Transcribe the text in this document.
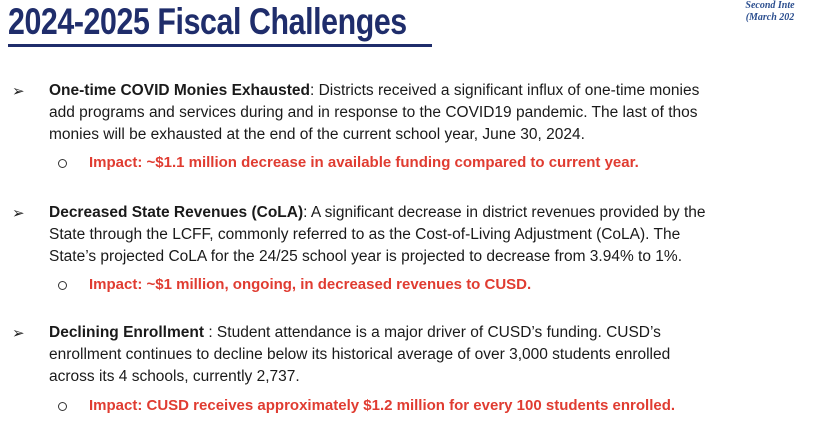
2024-2025 Fiscal Challenges	Second Inte
(March 202
➢ One-time COVID Monies Exhausted: Districts received a significant influx of one-time monies
add programs and services during and in response to the COVID19 pandemic. The last of thos
monies will be exhausted at the end of the current school year, June 30, 2024.
Impact: ~$1.1 million decrease in available funding compared to current year.
➢ Decreased State Revenues (CoLA): A significant decrease in district revenues provided by the
State through the LCFF, commonly referred to as the Cost-of-Living Adjustment (CoLA). The
State’s projected CoLA for the 24/25 school year is projected to decrease from 3.94% to 1%.
Impact: ~$1 million, ongoing, in decreased revenues to CUSD.
➢ Declining Enrollment : Student attendance is a major driver of CUSD’s funding. CUSD’s
enrollment continues to decline below its historical average of over 3,000 students enrolled
across its 4 schools, currently 2,737.
Impact: CUSD receives approximately $1.2 million for every 100 students enrolled.
